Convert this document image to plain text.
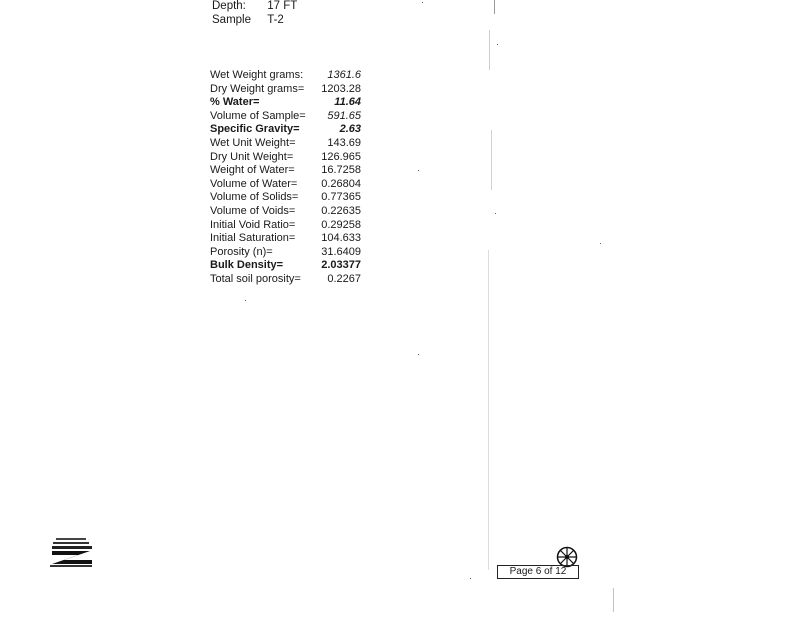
Depth: 17 FT
Sample T-2
Wet Weight grams: 1361.6
Dry Weight grams= 1203.28
% Water=	11.64
Volume of Sample= 591.65
Specific Gravity=	2.63
Wet Unit Weight=	143.69
Dry Unit Weight=	126.965
Weight of Water= 16.7258
Volume of Water= 0.26804
Volume of Solids= 0.77365
Volume of Voids= 0.22635
Initial Void Ratio= 0.29258
Initial Saturation= 104.633
Porosity (n)=	31.6409
Bulk Density=	2.03377
Total soil porosity= 0.2267
Page 6 of 12
